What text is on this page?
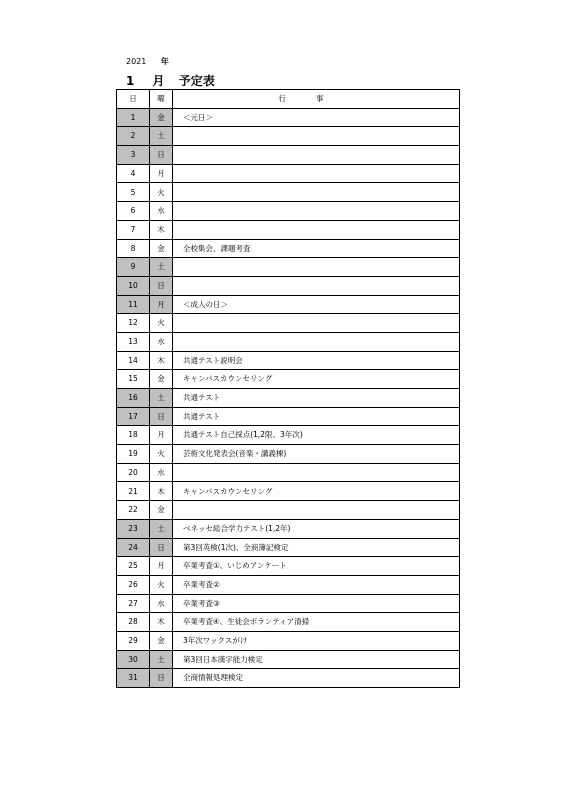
2021 年
1 月 予定表
日	曜	行事
1	金	＜元日＞
2	土	
3	日	
4	月	
5	火	
6	水	
7	木	
8	金	全校集会、課題考査
9	土	
10	日	
11	月	＜成人の日＞
12	火	
13	水	
14	木	共通テスト説明会
15	金	キャンパスカウンセリング
16	土	共通テスト
17	日	共通テスト
18	月	共通テスト自己採点(1,2限、3年次)
19	火	芸術文化発表会(音楽・講義棟)
20	水	
21	木	キャンパスカウンセリング
22	金	
23	土	ベネッセ総合学力テスト(1,2年)
24	日	第3回英検(1次)、全商簿記検定
25	月	卒業考査①、いじめアンケート
26	火	卒業考査②
27	水	卒業考査③
28	木	卒業考査④、生徒会ボランティア清掃
29	金	3年次ワックスがけ
30	土	第3回日本漢字能力検定
31	日	全商情報処理検定
